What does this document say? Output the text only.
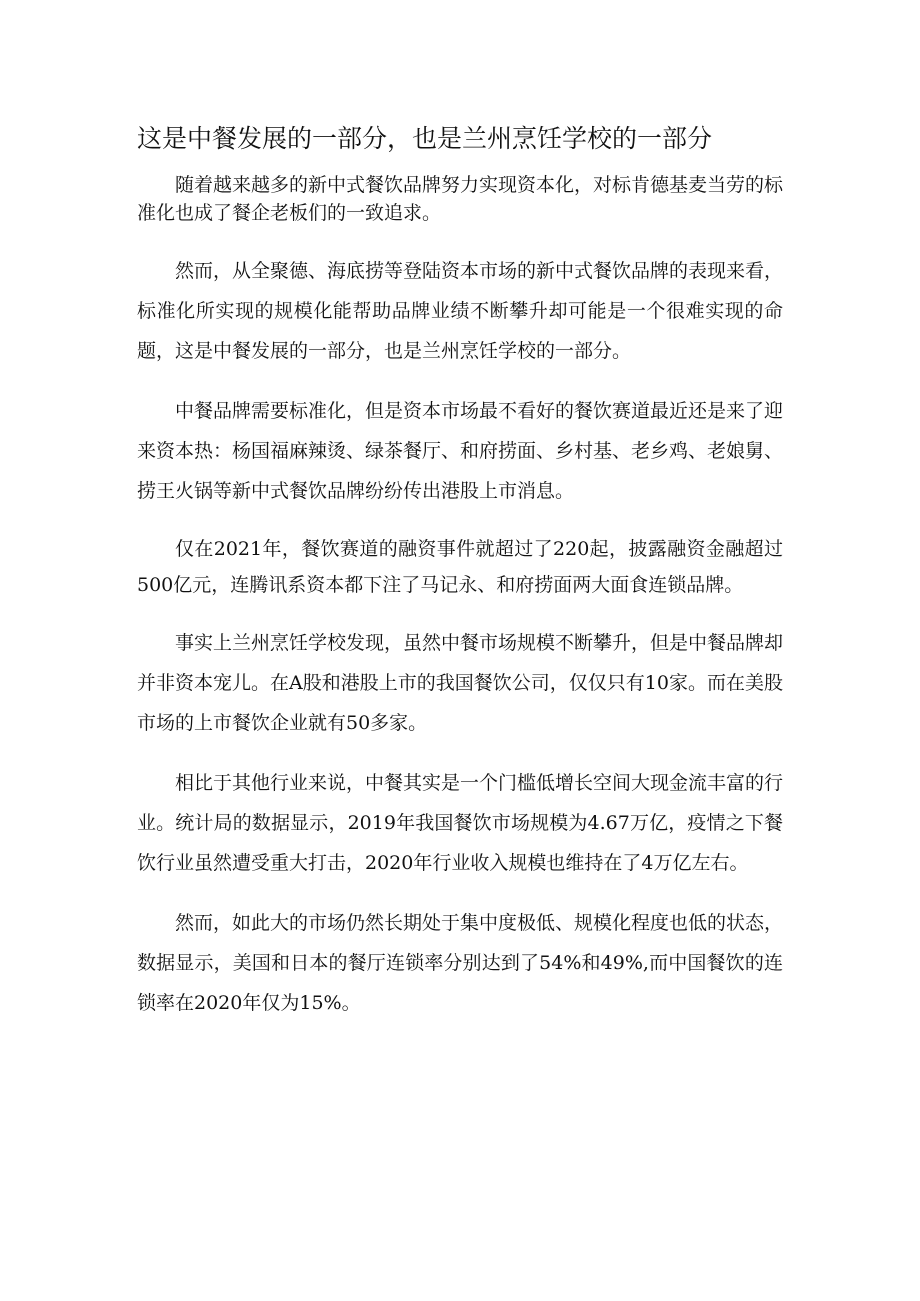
这是中餐发展的一部分，也是兰州烹饪学校的一部分

随着越来越多的新中式餐饮品牌努力实现资本化，对标肯德基麦当劳的标准化也成了餐企老板们的一致追求。

然而，从全聚德、海底捞等登陆资本市场的新中式餐饮品牌的表现来看，标准化所实现的规模化能帮助品牌业绩不断攀升却可能是一个很难实现的命题，这是中餐发展的一部分，也是兰州烹饪学校的一部分。

中餐品牌需要标准化，但是资本市场最不看好的餐饮赛道最近还是来了迎来资本热：杨国福麻辣烫、绿茶餐厅、和府捞面、乡村基、老乡鸡、老娘舅、捞王火锅等新中式餐饮品牌纷纷传出港股上市消息。

仅在2021年，餐饮赛道的融资事件就超过了220起，披露融资金融超过500亿元，连腾讯系资本都下注了马记永、和府捞面两大面食连锁品牌。

事实上兰州烹饪学校发现，虽然中餐市场规模不断攀升，但是中餐品牌却并非资本宠儿。在A股和港股上市的我国餐饮公司，仅仅只有10家。而在美股市场的上市餐饮企业就有50多家。

相比于其他行业来说，中餐其实是一个门槛低增长空间大现金流丰富的行业。统计局的数据显示，2019年我国餐饮市场规模为4.67万亿，疫情之下餐饮行业虽然遭受重大打击，2020年行业收入规模也维持在了4万亿左右。

然而，如此大的市场仍然长期处于集中度极低、规模化程度也低的状态，数据显示，美国和日本的餐厅连锁率分别达到了54%和49%,而中国餐饮的连锁率在2020年仅为15%。
